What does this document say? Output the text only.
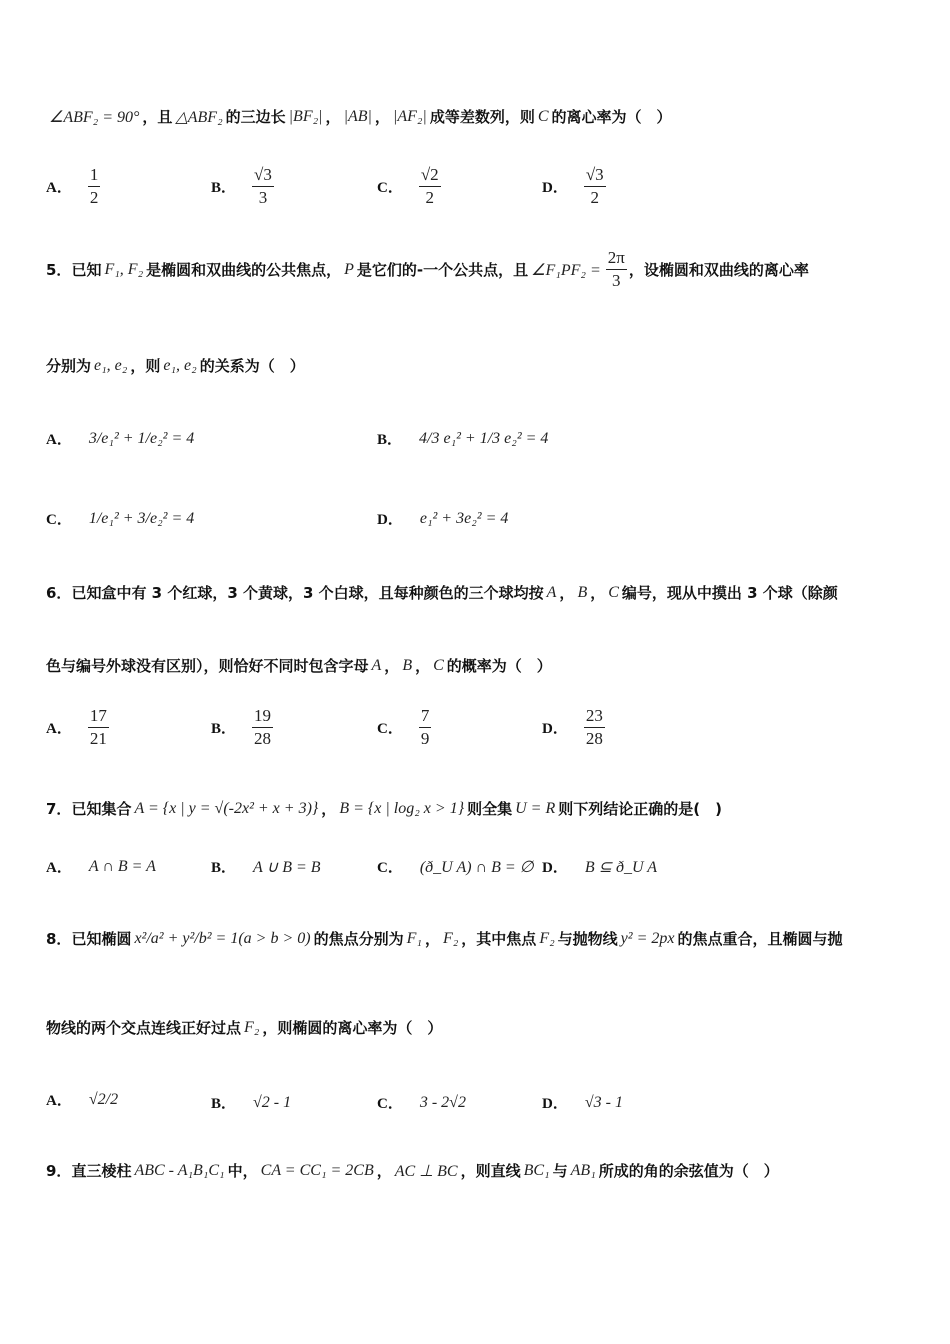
∠ABF₂ = 90° ，且 △ABF₂ 的三边长 |BF₂| ， |AB| ， |AF₂| 成等差数列，则 C 的离心率为（　）
A． $\frac{1}{2}$	B． $\frac{√3}{3}$	C． $\frac{√2}{2}$	D． $\frac{√3}{2}$
5． 已知 F₁, F₂ 是椭圆和双曲线的公共焦点， P 是它们的-一个公共点，且 ∠F₁PF₂ = $\frac{2\pi}{3}$ ，设椭圆和双曲线的离心率
分别为 e₁, e₂ ，则 e₁, e₂ 的关系为（　）
A． 3/e₁² + 1/e₂² = 4	B． 4/3 e₁² + 1/3 e₂² = 4
C． 1/e₁² + 3/e₂² = 4	D． e₁² + 3e₂² = 4
6． 已知盒中有 3 个红球，3 个黄球，3 个白球，且每种颜色的三个球均按 A ， B ， C 编号，现从中摸出 3 个球（除颜
色与编号外球没有区别），则恰好不同时包含字母 A ， B ， C 的概率为（　）
A． $\frac{17}{21}$	B． $\frac{19}{28}$	C． $\frac{7}{9}$	D． $\frac{23}{28}$
7． 已知集合 A = {x | y = √(-2x² + x + 3)} ， B = {x | log₂ x > 1} 则全集 U = R 则下列结论正确的是(　)
A． A ∩ B = A	B． A ∪ B = B	C． (ð_U A) ∩ B = ∅ D． B ⊆ ð_U A
8． 已知椭圆 x²/a² + y²/b² = 1(a > b > 0) 的焦点分别为 F₁ ， F₂ ，其中焦点 F₂ 与抛物线 y² = 2px 的焦点重合，且椭圆与抛
物线的两个交点连线正好过点 F₂ ，则椭圆的离心率为（　）
A． √2/2	B． √2 - 1	C． 3 - 2√2	D． √3 - 1
9． 直三棱柱 ABC - A₁B₁C₁ 中， CA = CC₁ = 2CB ， AC ⊥ BC ，则直线 BC₁ 与 AB₁ 所成的角的余弦值为（　）
